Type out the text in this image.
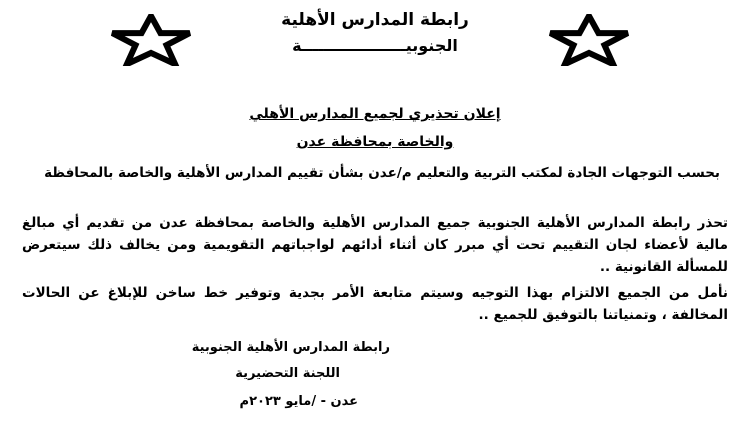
رابطة المدارس الأهلية
الجنوبيـــــــــــــــــــة
إعلان تحذيري لجميع المدارس الأهلي
والخاصة بمحافظة عدن
بحسب التوجهات الجادة لمكتب التربية والتعليم م/عدن بشأن تقييم المدارس الأهلية والخاصة بالمحافظة
تحذر رابطة المدارس الأهلية الجنوبية جميع المدارس الأهلية والخاصة بمحافظة عدن من تقديم أي مبالغ مالية لأعضاء لجان التقييم تحت أي مبرر كان أثناء أدائهم لواجباتهم التقويمية ومن يخالف ذلك سيتعرض للمسألة القانونية ..
نأمل من الجميع الالتزام بهذا التوجيه وسيتم متابعة الأمر بجدية وتوفير خط ساخن للإبلاغ عن الحالات المخالفة ، وتمنياتنا بالتوفيق للجميع ..
رابطة المدارس الأهلية الجنوبية
اللجنة التحضيرية
عدن - /مايو ٢٠٢٣م
